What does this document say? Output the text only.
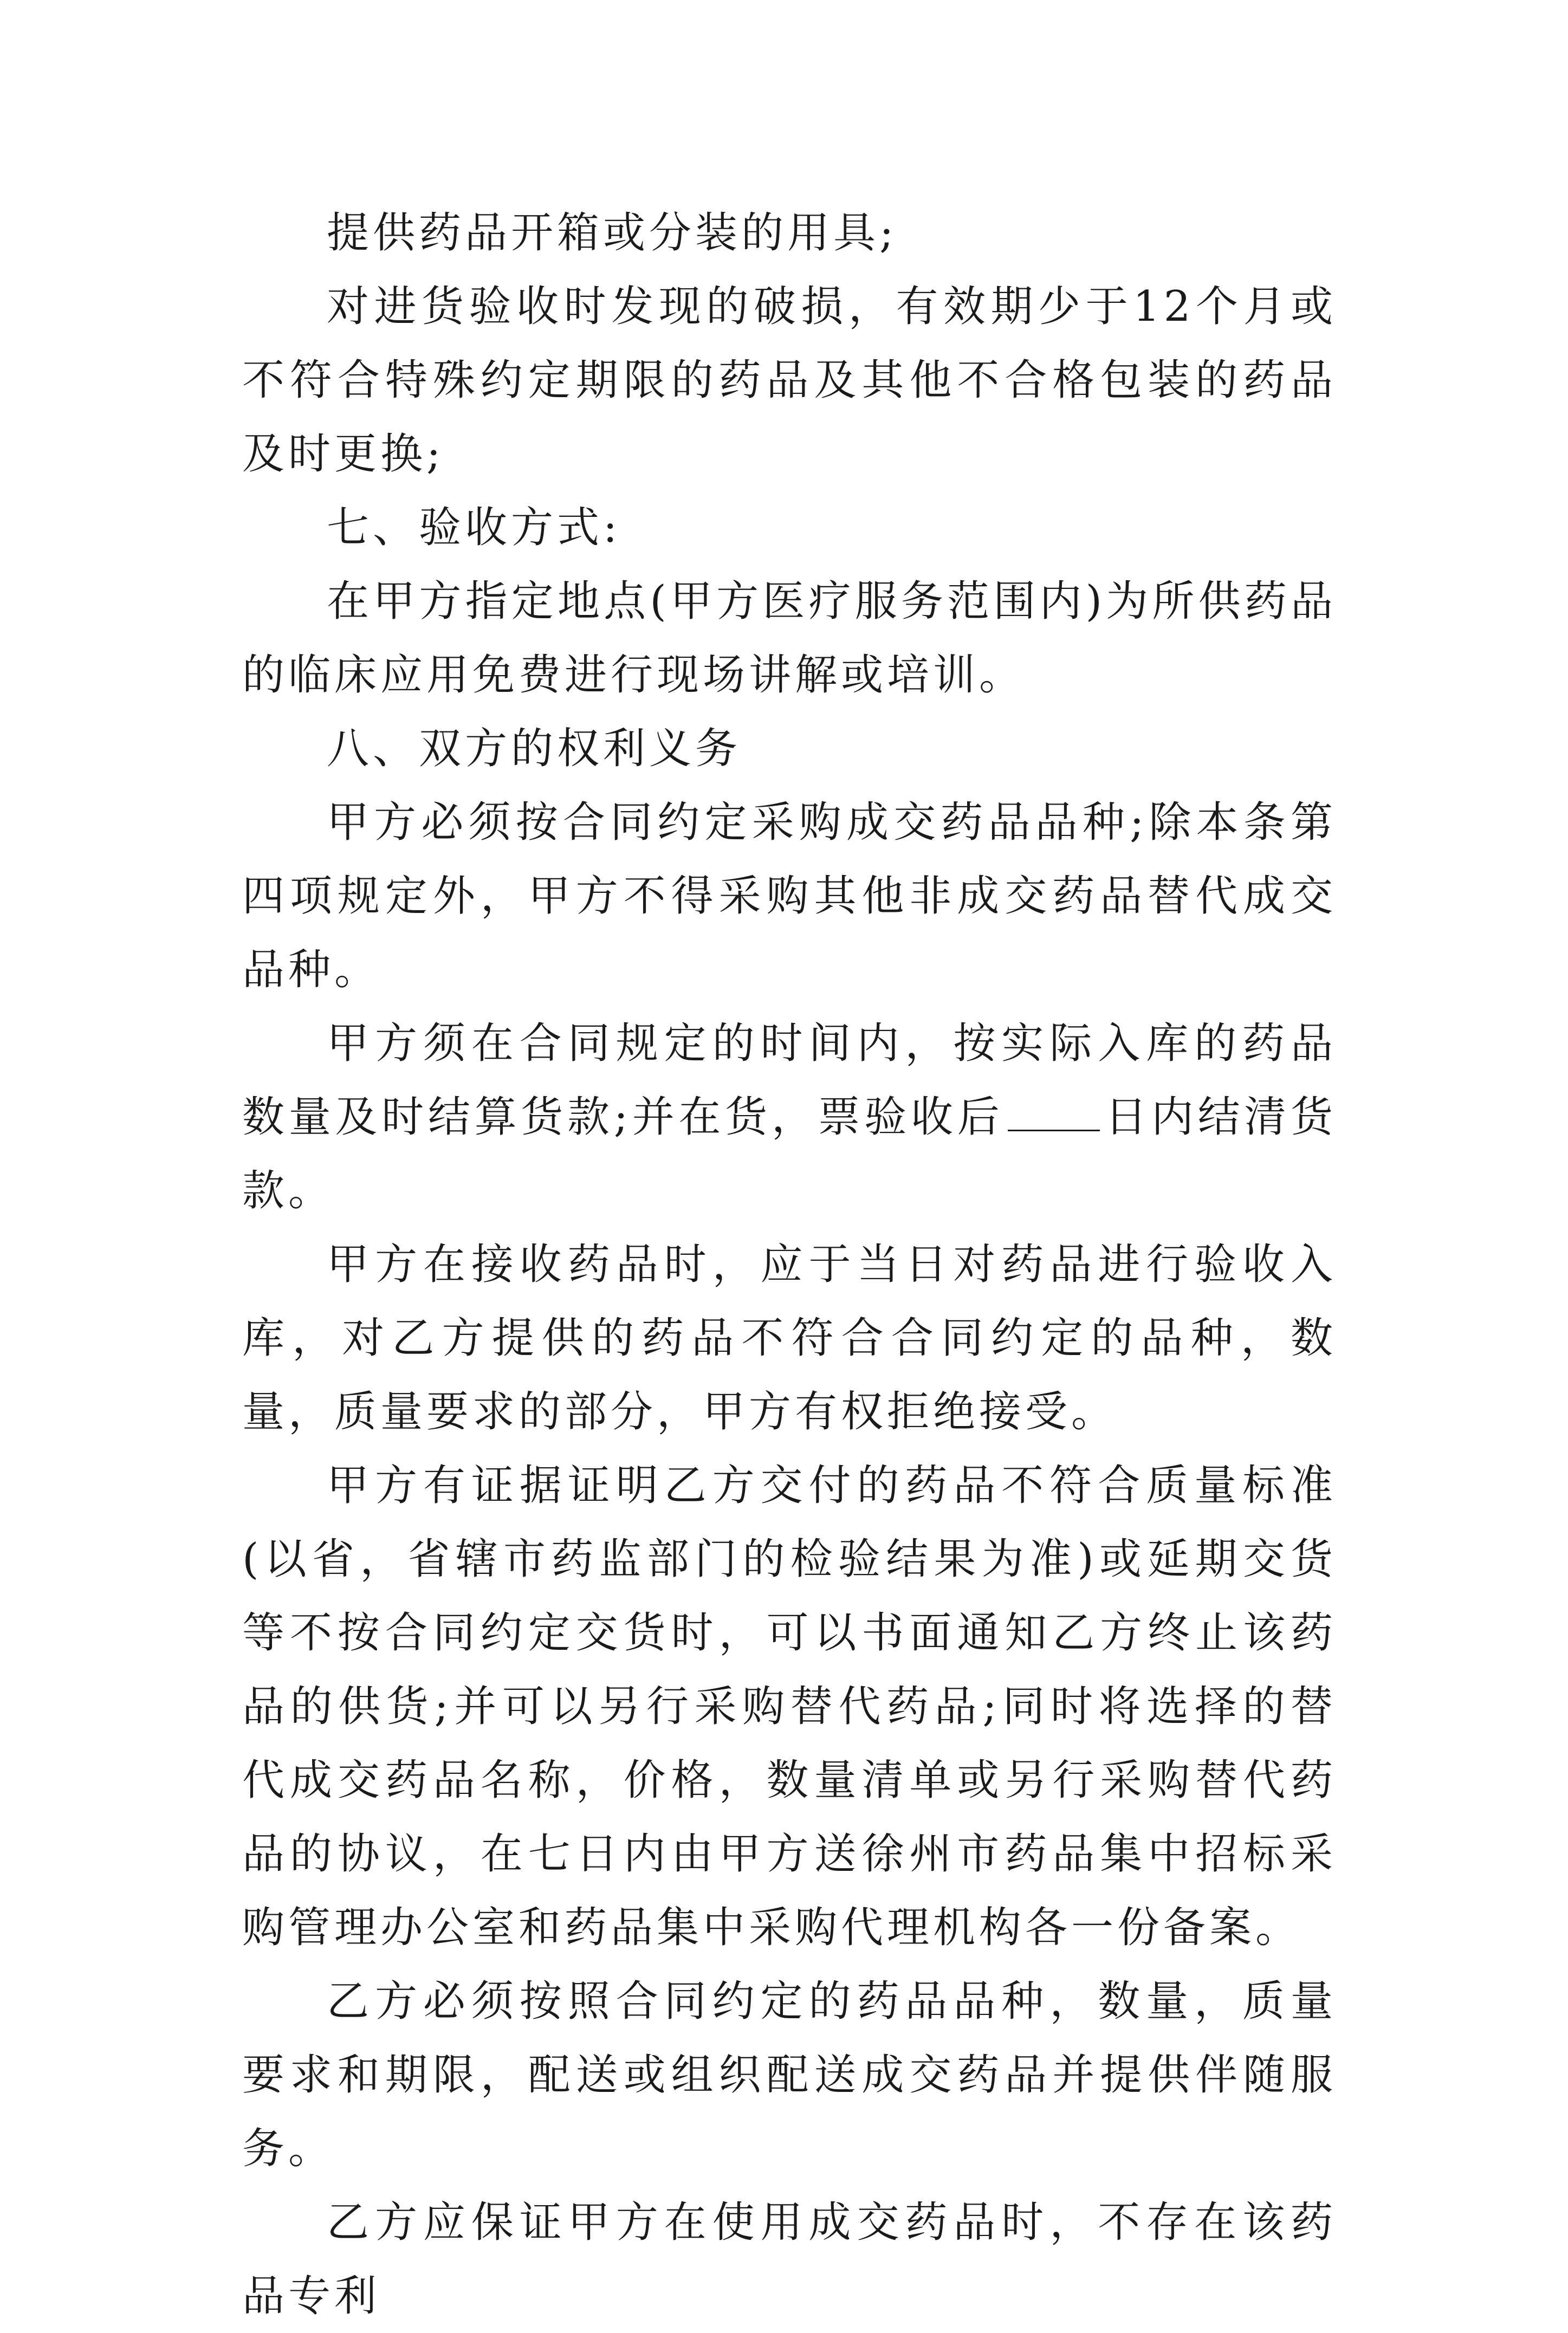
提供药品开箱或分装的用具;

对进货验收时发现的破损，有效期少于12个月或不符合特殊约定期限的药品及其他不合格包装的药品及时更换;

七、验收方式:

在甲方指定地点(甲方医疗服务范围内)为所供药品的临床应用免费进行现场讲解或培训。

八、双方的权利义务

甲方必须按合同约定采购成交药品品种;除本条第四项规定外，甲方不得采购其他非成交药品替代成交品种。

甲方须在合同规定的时间内，按实际入库的药品数量及时结算货款;并在货，票验收后 日内结清货款。

甲方在接收药品时，应于当日对药品进行验收入库，对乙方提供的药品不符合合同约定的品种，数量，质量要求的部分，甲方有权拒绝接受。

甲方有证据证明乙方交付的药品不符合质量标准(以省，省辖市药监部门的检验结果为准)或延期交货等不按合同约定交货时，可以书面通知乙方终止该药品的供货;并可以另行采购替代药品;同时将选择的替代成交药品名称，价格，数量清单或另行采购替代药品的协议，在七日内由甲方送徐州市药品集中招标采购管理办公室和药品集中采购代理机构各一份备案。

乙方必须按照合同约定的药品品种，数量，质量要求和期限，配送或组织配送成交药品并提供伴随服务。

乙方应保证甲方在使用成交药品时，不存在该药品专利
